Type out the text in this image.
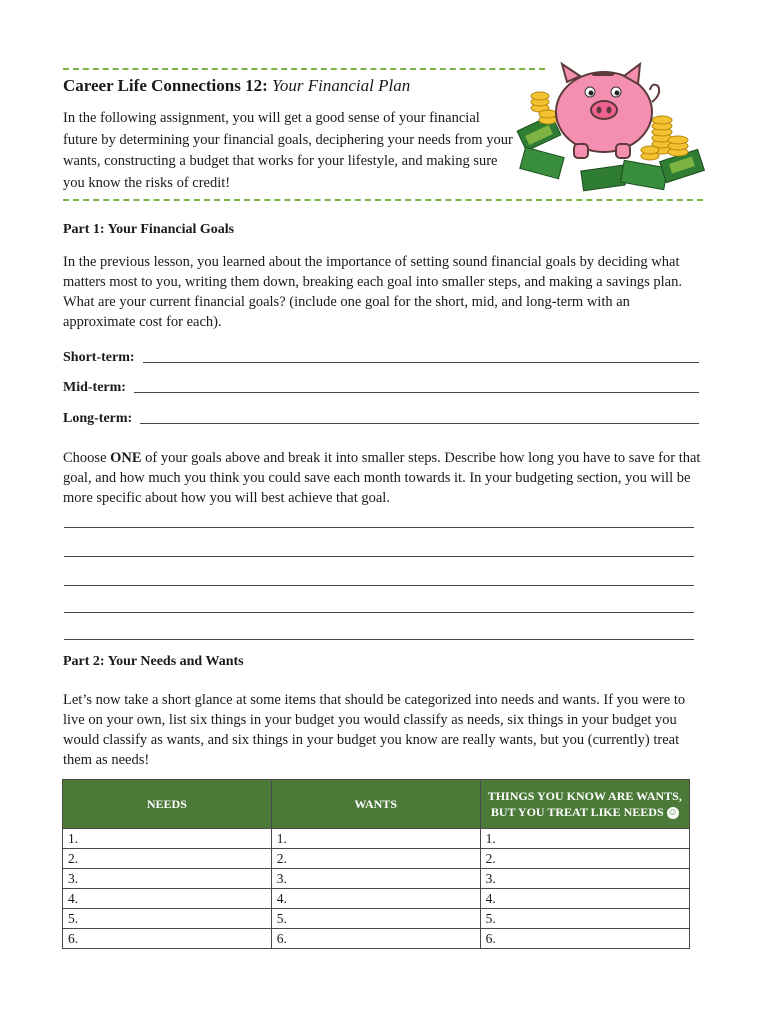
Career Life Connections 12: Your Financial Plan
In the following assignment, you will get a good sense of your financial future by determining your financial goals, deciphering your needs from your wants, constructing a budget that works for your lifestyle, and making sure you know the risks of credit!
Part 1: Your Financial Goals
In the previous lesson, you learned about the importance of setting sound financial goals by deciding what matters most to you, writing them down, breaking each goal into smaller steps, and making a savings plan. What are your current financial goals? (include one goal for the short, mid, and long-term with an approximate cost for each).
Short-term:
Mid-term:
Long-term:
Choose ONE of your goals above and break it into smaller steps. Describe how long you have to save for that goal, and how much you think you could save each month towards it. In your budgeting section, you will be more specific about how you will best achieve that goal.
Part 2: Your Needs and Wants
Let’s now take a short glance at some items that should be categorized into needs and wants. If you were to live on your own, list six things in your budget you would classify as needs, six things in your budget you would classify as wants, and six things in your budget you know are really wants, but you (currently) treat them as needs!
NEEDS	WANTS	THINGS YOU KNOW ARE WANTS, BUT YOU TREAT LIKE NEEDS ☺
1.	1.	1.
2.	2.	2.
3.	3.	3.
4.	4.	4.
5.	5.	5.
6.	6.	6.
